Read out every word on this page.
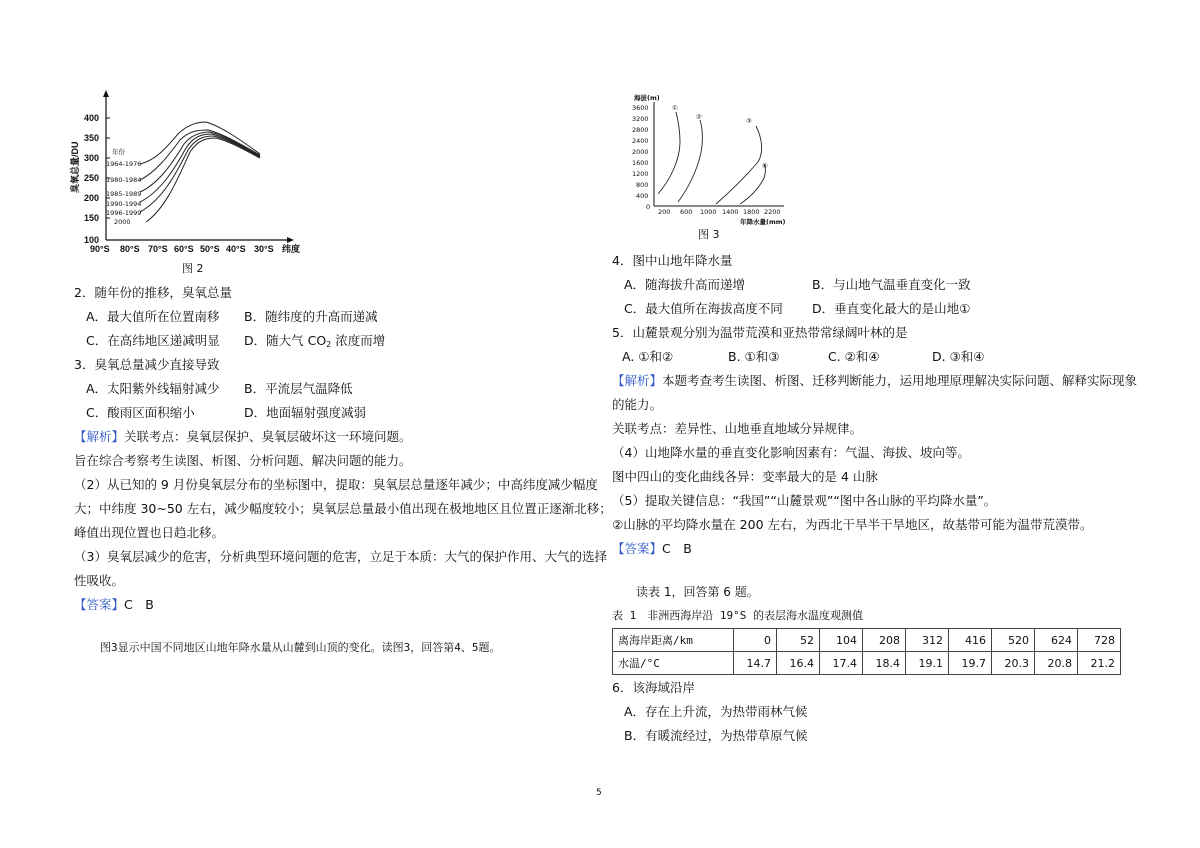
400
350
300
250
200
150
100
90°S 80°S 70°S 60°S 50°S 40°S 30°S 纬度
臭氧总量/DU	年份
1964-1976
1980-1984
1985-1989
1990-1994
1996-1999
2000
图 2
2．随年份的推移，臭氧总量
A．最大值所在位置南移 B．随纬度的升高而递减
C．在高纬地区递减明显 D．随大气 $CO_2$ 浓度而增
3．臭氧总量减少直接导致
A．太阳紫外线辐射减少 B．平流层气温降低
C．酸雨区面积缩小	D．地面辐射强度减弱
【解析】关联考点：臭氧层保护、臭氧层破坏这一环境问题。
旨在综合考察考生读图、析图、分析问题、解决问题的能力。
（2）从已知的 9 月份臭氧层分布的坐标图中，提取：臭氧层总量逐年减少；中高纬度减少幅度
大；中纬度 30~50 左右，减少幅度较小；臭氧层总量最小值出现在极地地区且位置正逐渐北移；
峰值出现位置也日趋北移。
（3）臭氧层减少的危害，分析典型环境问题的危害，立足于本质：大气的保护作用、大气的选择
性吸收。
【答案】C　B
图3显示中国不同地区山地年降水量从山麓到山顶的变化。读图3，回答第4、5题。
海拔(m)
3600
3200
2800
2400
2000
1600
1200
800
400
0
200 600 1000 1400 1800 2200
年降水量(mm)
①
②	③
④
图 3
4．图中山地年降水量
A．随海拔升高而递增	B．与山地气温垂直变化一致
C．最大值所在海拔高度不同 D．垂直变化最大的是山地①
5．山麓景观分别为温带荒漠和亚热带常绿阔叶林的是
A. ①和②	B. ①和③	C. ②和④	D. ③和④
【解析】本题考查考生读图、析图、迁移判断能力，运用地理原理解决实际问题、解释实际现象
的能力。
关联考点：差异性、山地垂直地域分异规律。
（4）山地降水量的垂直变化影响因素有：气温、海拔、坡向等。
图中四山的变化曲线各异：变率最大的是 4 山脉
（5）提取关键信息：“我国”“山麓景观”“图中各山脉的平均降水量”。
②山脉的平均降水量在 200 左右，为西北干旱半干旱地区，故基带可能为温带荒漠带。
【答案】C　B
读表 1，回答第 6 题。
表 1　非洲西海岸沿 19°S 的表层海水温度观测值
离海岸距离/km	0	52	104	208	312	416	520	624	728
水温/°C	14.7	16.4	17.4	18.4	19.1	19.7	20.3	20.8	21.2
6．该海域沿岸
A．存在上升流，为热带雨林气候
B．有暖流经过，为热带草原气候
5
